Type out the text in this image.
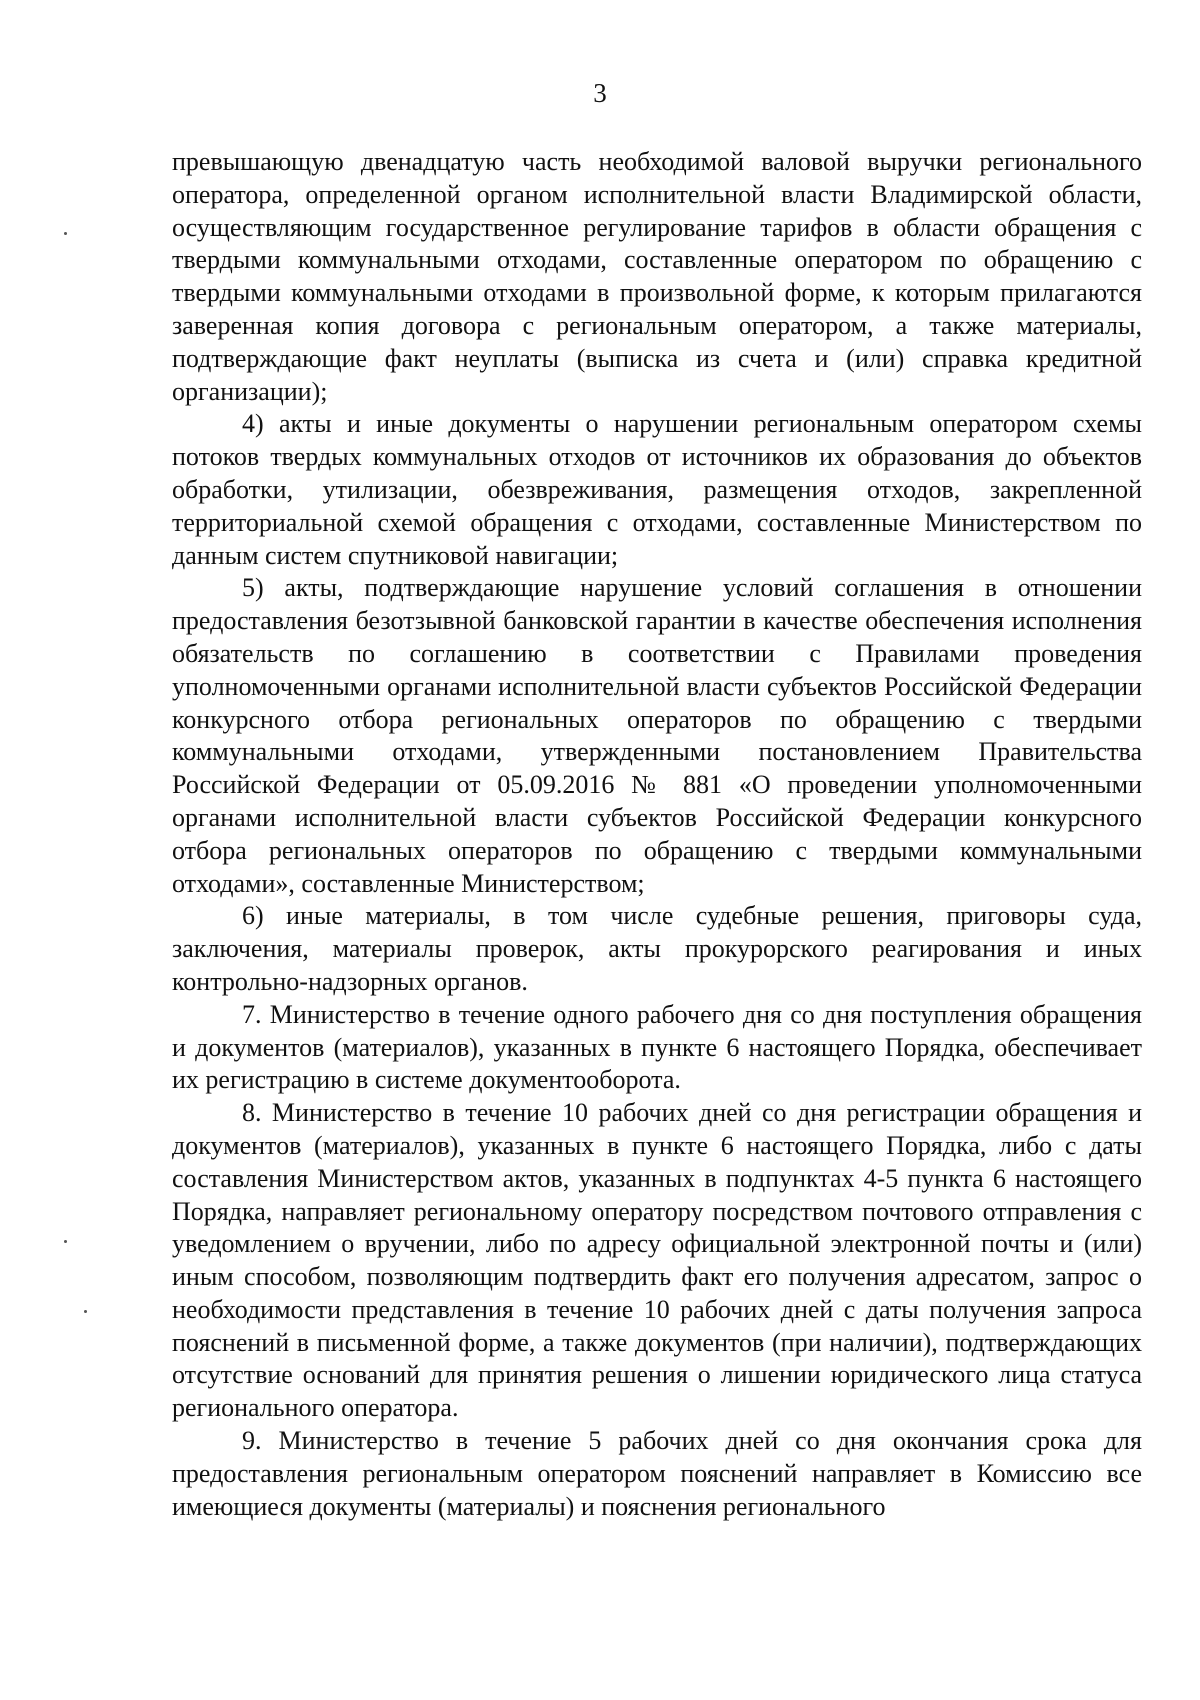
3

превышающую двенадцатую часть необходимой валовой выручки регионального оператора, определенной органом исполнительной власти Владимирской области, осуществляющим государственное регулирование тарифов в области обращения с твердыми коммунальными отходами, составленные оператором по обращению с твердыми коммунальными отходами в произвольной форме, к которым прилагаются заверенная копия договора с региональным оператором, а также материалы, подтверждающие факт неуплаты (выписка из счета и (или) справка кредитной организации);

4) акты и иные документы о нарушении региональным оператором схемы потоков твердых коммунальных отходов от источников их образования до объектов обработки, утилизации, обезвреживания, размещения отходов, закрепленной территориальной схемой обращения с отходами, составленные Министерством по данным систем спутниковой навигации;

5) акты, подтверждающие нарушение условий соглашения в отношении предоставления безотзывной банковской гарантии в качестве обеспечения исполнения обязательств по соглашению в соответствии с Правилами проведения уполномоченными органами исполнительной власти субъектов Российской Федерации конкурсного отбора региональных операторов по обращению с твердыми коммунальными отходами, утвержденными постановлением Правительства Российской Федерации от 05.09.2016 № 881 «О проведении уполномоченными органами исполнительной власти субъектов Российской Федерации конкурсного отбора региональных операторов по обращению с твердыми коммунальными отходами», составленные Министерством;

6) иные материалы, в том числе судебные решения, приговоры суда, заключения, материалы проверок, акты прокурорского реагирования и иных контрольно-надзорных органов.

7. Министерство в течение одного рабочего дня со дня поступления обращения и документов (материалов), указанных в пункте 6 настоящего Порядка, обеспечивает их регистрацию в системе документооборота.

8. Министерство в течение 10 рабочих дней со дня регистрации обращения и документов (материалов), указанных в пункте 6 настоящего Порядка, либо с даты составления Министерством актов, указанных в подпунктах 4-5 пункта 6 настоящего Порядка, направляет региональному оператору посредством почтового отправления с уведомлением о вручении, либо по адресу официальной электронной почты и (или) иным способом, позволяющим подтвердить факт его получения адресатом, запрос о необходимости представления в течение 10 рабочих дней с даты получения запроса пояснений в письменной форме, а также документов (при наличии), подтверждающих отсутствие оснований для принятия решения о лишении юридического лица статуса регионального оператора.

9. Министерство в течение 5 рабочих дней со дня окончания срока для предоставления региональным оператором пояснений направляет в Комиссию все имеющиеся документы (материалы) и пояснения регионального
